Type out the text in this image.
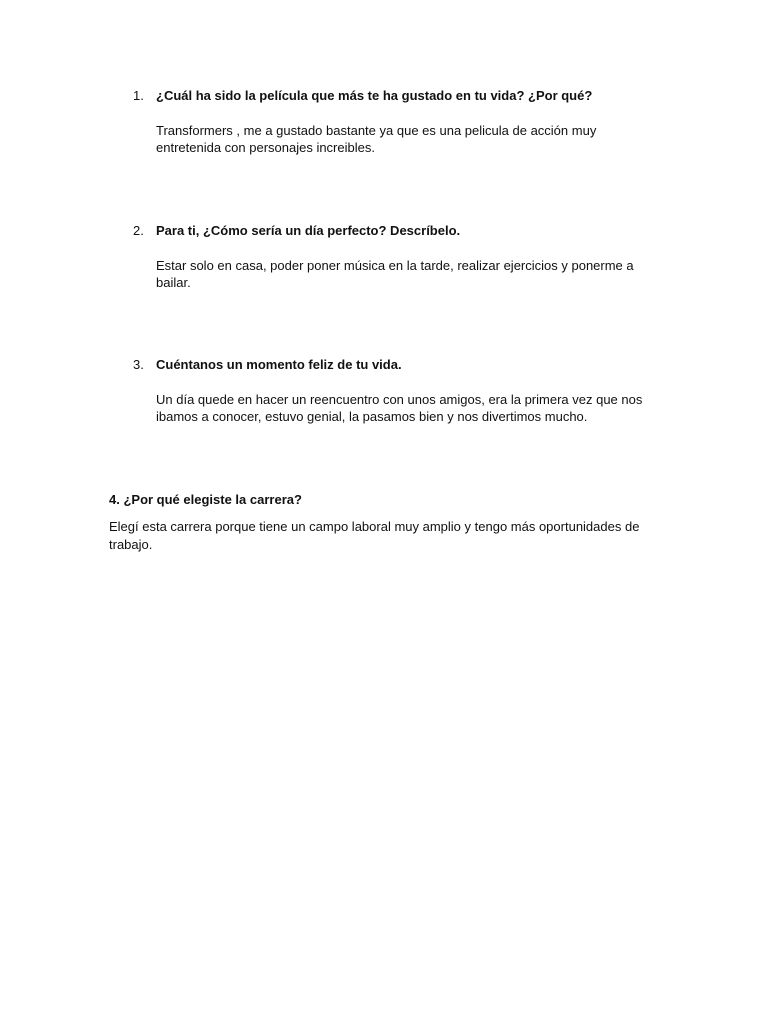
1. ¿Cuál ha sido la película que más te ha gustado en tu vida? ¿Por qué?
Transformers , me a gustado bastante ya que es una pelicula de acción muy entretenida con personajes increibles.
2. Para ti, ¿Cómo sería un día perfecto? Descríbelo.
Estar solo en casa, poder poner música en la tarde, realizar ejercicios y ponerme a bailar.
3. Cuéntanos un momento feliz de tu vida.
Un día quede en hacer un reencuentro con unos amigos, era la primera vez que nos ibamos a conocer, estuvo genial, la pasamos bien y nos divertimos mucho.
4. ¿Por qué elegiste la carrera?
Elegí esta carrera porque tiene un campo laboral muy amplio y tengo más oportunidades de trabajo.
